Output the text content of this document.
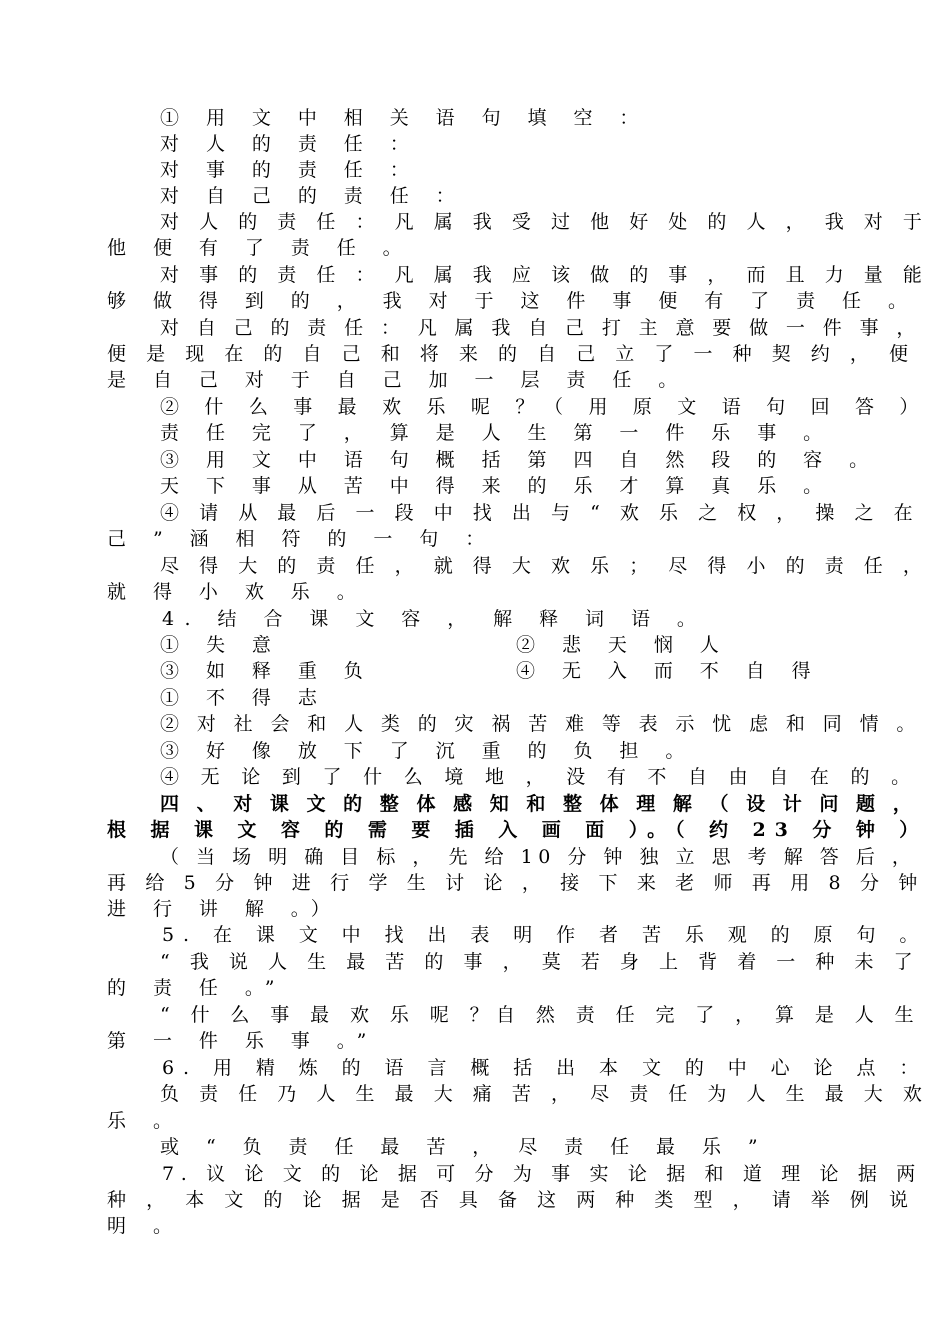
① 用 文 中 相 关 语 句 填 空 ：

对 人 的 责 任 ：

对 事 的 责 任 ：

对 自 己 的 责 任 ：

对 人 的 责 任 ： 凡 属 我 受 过 他 好 处 的 人 ， 我 对 于

他 便 有 了 责 任 。

对 事 的 责 任 ： 凡 属 我 应 该 做 的 事 ， 而 且 力 量 能

够 做 得 到 的 ， 我 对 于 这 件 事 便 有 了 责 任 。

对 自 己 的 责 任 ： 凡 属 我 自 己 打 主 意 要 做 一 件 事 ，

便 是 现 在 的 自 己 和 将 来 的 自 己 立 了 一 种 契 约 ， 便

是 自 己 对 于 自 己 加 一 层 责 任 。

② 什 么 事 最 欢 乐 呢 ？（ 用 原 文 语 句 回 答 ）

责 任 完 了 ， 算 是 人 生 第 一 件 乐 事 。

③ 用 文 中 语 句 概 括 第 四 自 然 段 的 容 。

天 下 事 从 苦 中 得 来 的 乐 才 算 真 乐 。

④ 请 从 最 后 一 段 中 找 出 与 “ 欢 乐 之 权 ， 操 之 在

己 ” 涵 相 符 的 一 句 ：

尽 得 大 的 责 任 ， 就 得 大 欢 乐 ； 尽 得 小 的 责 任 ，

就 得 小 欢 乐 。

4. 结 合 课 文 容 ， 解 释 词 语 。

① 失 意	② 悲 天 悯 人

③ 如 释 重 负	④ 无 入 而 不 自 得

① 不 得 志

② 对 社 会 和 人 类 的 灾 祸 苦 难 等 表 示 忧 虑 和 同 情 。

③ 好 像 放 下 了 沉 重 的 负 担 。

④ 无 论 到 了 什 么 境 地 ， 没 有 不 自 由 自 在 的 。

四 、 对 课 文 的 整 体 感 知 和 整 体 理 解 （ 设 计 问 题 ，

根 据 课 文 容 的 需 要 插 入 画 面 ）。（ 约 23 分 钟 ）

（ 当 场 明 确 目 标 ， 先 给 10 分 钟 独 立 思 考 解 答 后 ，

再 给 5 分 钟 进 行 学 生 讨 论 ， 接 下 来 老 师 再 用 8 分 钟

进 行 讲 解 。）

5. 在 课 文 中 找 出 表 明 作 者 苦 乐 观 的 原 句 。

“ 我 说 人 生 最 苦 的 事 ， 莫 若 身 上 背 着 一 种 未 了

的 责 任 。”

“ 什 么 事 最 欢 乐 呢 ？自 然 责 任 完 了 ， 算 是 人 生

第 一 件 乐 事 。”

6. 用 精 炼 的 语 言 概 括 出 本 文 的 中 心 论 点 ：

负 责 任 乃 人 生 最 大 痛 苦 ， 尽 责 任 为 人 生 最 大 欢

乐 。

或 “ 负 责 任 最 苦 ， 尽 责 任 最 乐 ”

7. 议 论 文 的 论 据 可 分 为 事 实 论 据 和 道 理 论 据 两

种 ， 本 文 的 论 据 是 否 具 备 这 两 种 类 型 ， 请 举 例 说

明 。
